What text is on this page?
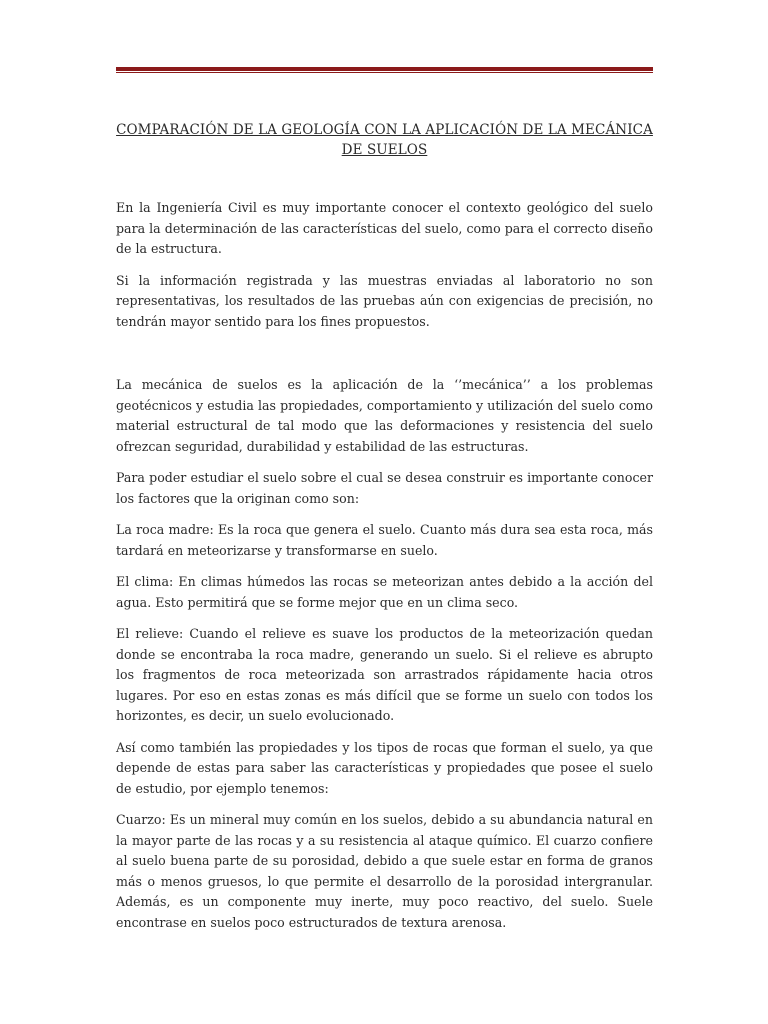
COMPARACIÓN DE LA GEOLOGÍA CON LA APLICACIÓN DE LA MECÁNICA DE SUELOS

En la Ingeniería Civil es muy importante conocer el contexto geológico del suelo para la determinación de las características del suelo, como para el correcto diseño de la estructura.

Si la información registrada y las muestras enviadas al laboratorio no son representativas, los resultados de las pruebas aún con exigencias de precisión, no tendrán mayor sentido para los fines propuestos.

La mecánica de suelos es la aplicación de la ‘’mecánica’’ a los problemas geotécnicos y estudia las propiedades, comportamiento y utilización del suelo como material estructural de tal modo que las deformaciones y resistencia del suelo ofrezcan seguridad, durabilidad y estabilidad de las estructuras.

Para poder estudiar el suelo sobre el cual se desea construir es importante conocer los factores que la originan como son:

La roca madre: Es la roca que genera el suelo. Cuanto más dura sea esta roca, más tardará en meteorizarse y transformarse en suelo.

El clima: En climas húmedos las rocas se meteorizan antes debido a la acción del agua. Esto permitirá que se forme mejor que en un clima seco.

El relieve: Cuando el relieve es suave los productos de la meteorización quedan donde se encontraba la roca madre, generando un suelo. Si el relieve es abrupto los fragmentos de roca meteorizada son arrastrados rápidamente hacia otros lugares. Por eso en estas zonas es más difícil que se forme un suelo con todos los horizontes, es decir, un suelo evolucionado.

Así como también las propiedades y los tipos de rocas que forman el suelo, ya que depende de estas para saber las características y propiedades que posee el suelo de estudio, por ejemplo tenemos:

Cuarzo: Es un mineral muy común en los suelos, debido a su abundancia natural en la mayor parte de las rocas y a su resistencia al ataque químico. El cuarzo confiere al suelo buena parte de su porosidad, debido a que suele estar en forma de granos más o menos gruesos, lo que permite el desarrollo de la porosidad intergranular. Además, es un componente muy inerte, muy poco reactivo, del suelo. Suele encontrase en suelos poco estructurados de textura arenosa.
